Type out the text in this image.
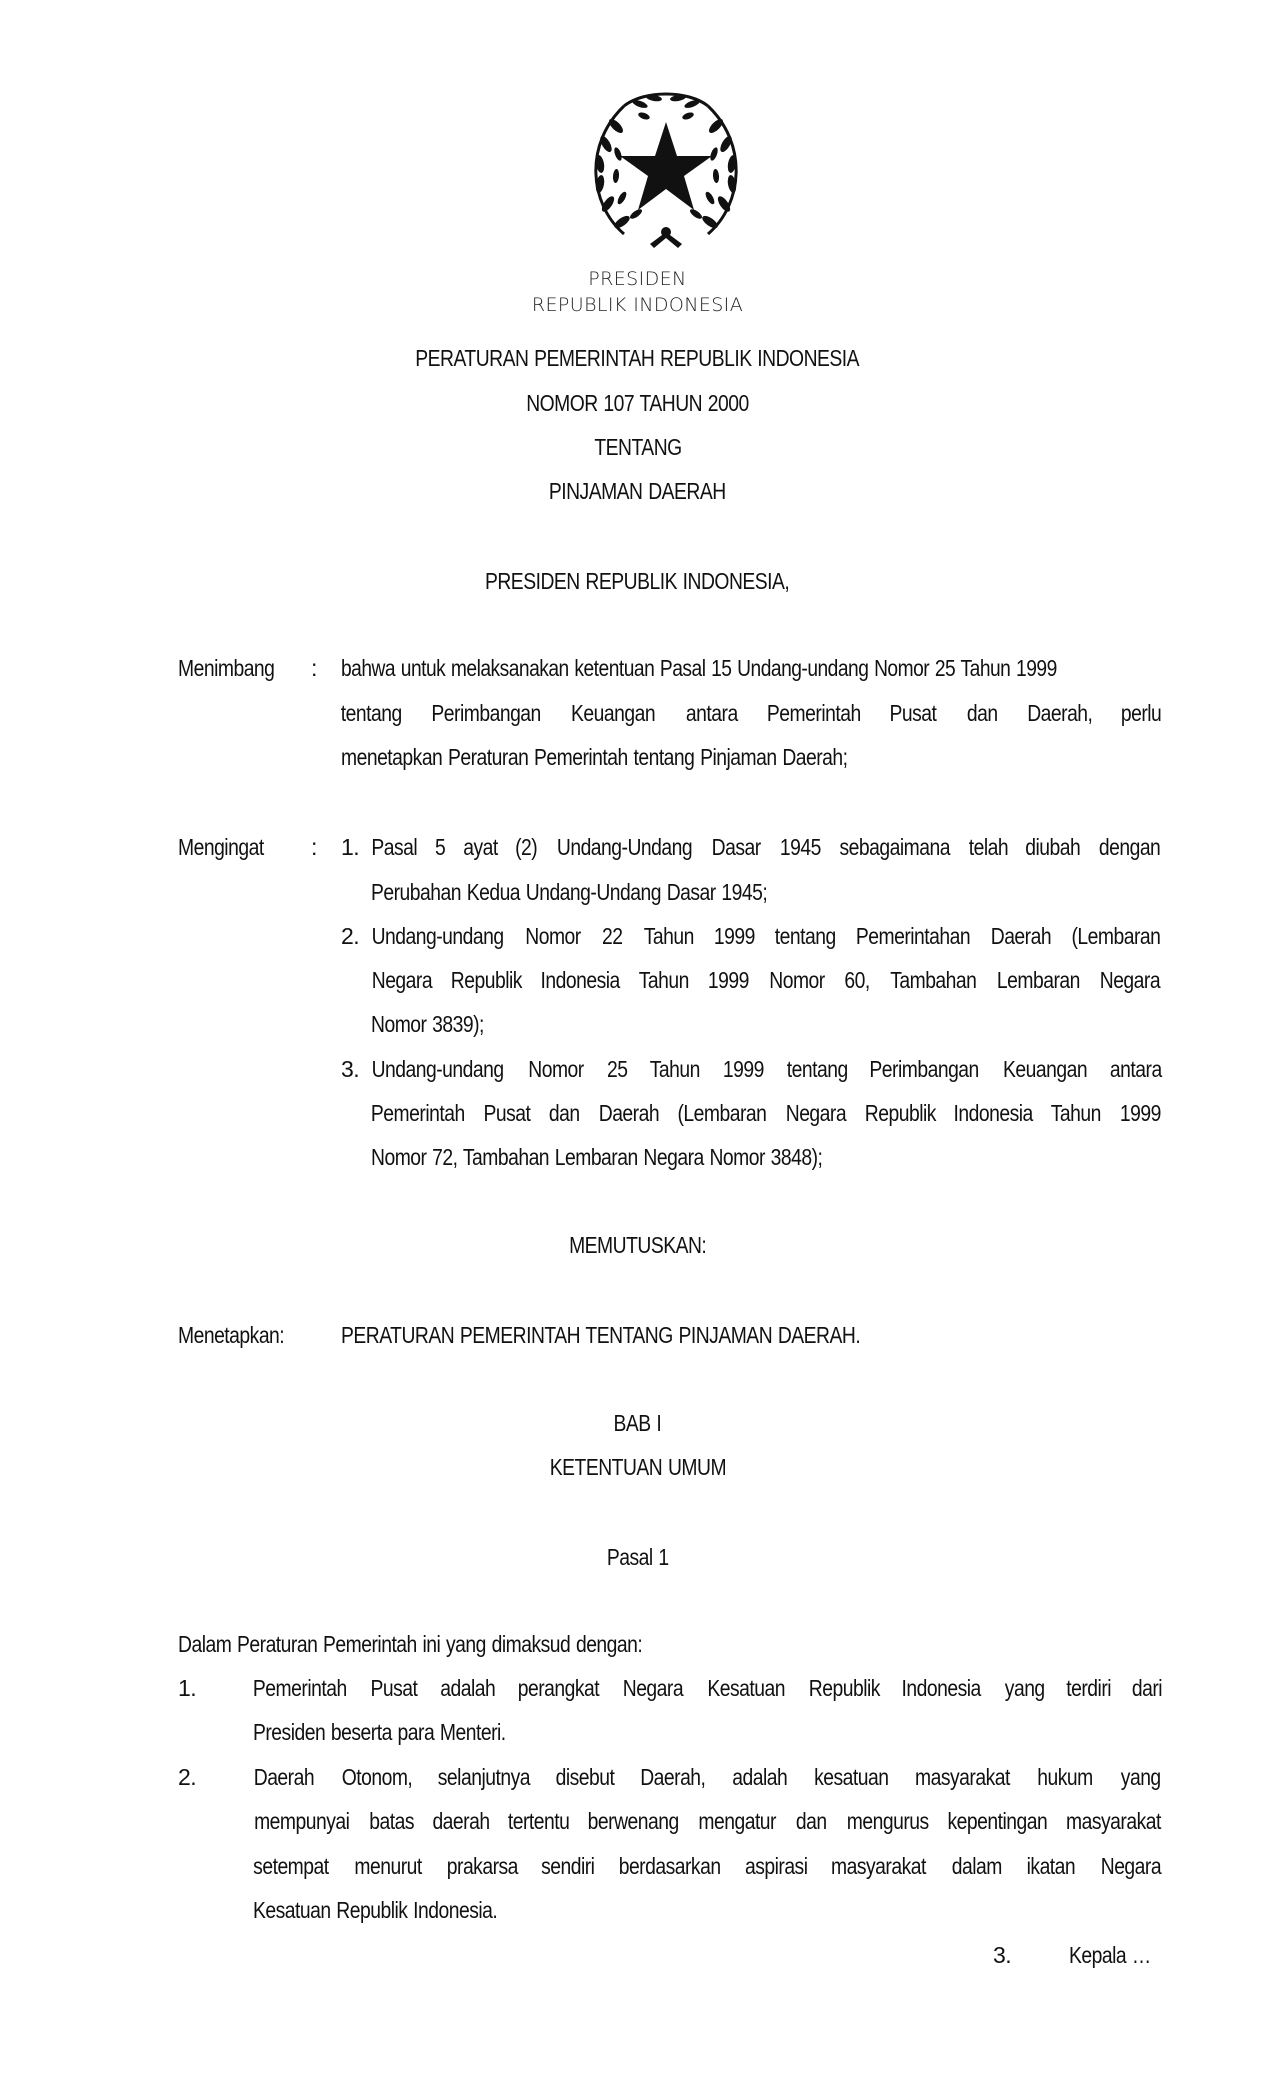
PRESIDEN
REPUBLIK INDONESIA
PERATURAN PEMERINTAH REPUBLIK INDONESIA
NOMOR 107 TAHUN 2000
TENTANG
PINJAMAN DAERAH
PRESIDEN REPUBLIK INDONESIA,
Menimbang	: bahwa untuk melaksanakan ketentuan Pasal 15 Undang-undang Nomor 25 Tahun 1999
tentang Perimbangan Keuangan antara Pemerintah Pusat dan Daerah, perlu
menetapkan Peraturan Pemerintah tentang Pinjaman Daerah;
Mengingat	: 1. Pasal 5 ayat (2) Undang-Undang Dasar 1945 sebagaimana telah diubah dengan
Perubahan Kedua Undang-Undang Dasar 1945;
2. Undang-undang Nomor 22 Tahun 1999 tentang Pemerintahan Daerah (Lembaran
Negara Republik Indonesia Tahun 1999 Nomor 60, Tambahan Lembaran Negara
Nomor 3839);
3. Undang-undang Nomor 25 Tahun 1999 tentang Perimbangan Keuangan antara
Pemerintah Pusat dan Daerah (Lembaran Negara Republik Indonesia Tahun 1999
Nomor 72, Tambahan Lembaran Negara Nomor 3848);
MEMUTUSKAN:
Menetapkan:	PERATURAN PEMERINTAH TENTANG PINJAMAN DAERAH.
BAB I
KETENTUAN UMUM
Pasal 1
Dalam Peraturan Pemerintah ini yang dimaksud dengan:
1. Pemerintah Pusat adalah perangkat Negara Kesatuan Republik Indonesia yang terdiri dari
Presiden beserta para Menteri.
2. Daerah Otonom, selanjutnya disebut Daerah, adalah kesatuan masyarakat hukum yang
mempunyai batas daerah tertentu berwenang mengatur dan mengurus kepentingan masyarakat
setempat menurut prakarsa sendiri berdasarkan aspirasi masyarakat dalam ikatan Negara
Kesatuan Republik Indonesia.
3.	Kepala …
